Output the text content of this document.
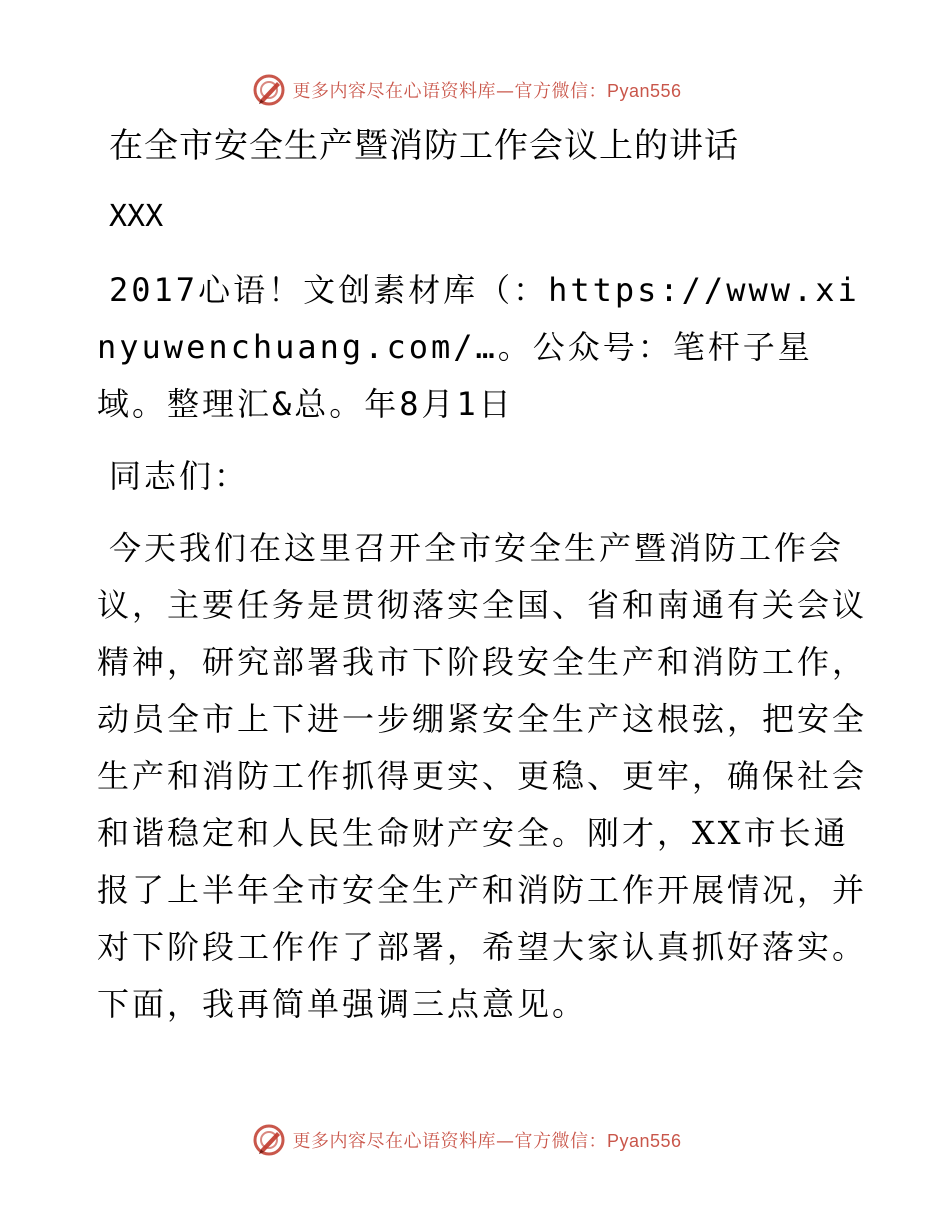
更多内容尽在心语资料库—官方微信：Pyan556
在全市安全生产暨消防工作会议上的讲话
XXX
2017心语！文创素材库（：https://www.xinyuwenchuang.com/…。公众号：笔杆子星域。整理汇&总。年8月1日
同志们：
今天我们在这里召开全市安全生产暨消防工作会议，主要任务是贯彻落实全国、省和南通有关会议精神，研究部署我市下阶段安全生产和消防工作，动员全市上下进一步绷紧安全生产这根弦，把安全生产和消防工作抓得更实、更稳、更牢，确保社会和谐稳定和人民生命财产安全。刚才，XX市长通报了上半年全市安全生产和消防工作开展情况，并对下阶段工作作了部署，希望大家认真抓好落实。下面，我再简单强调三点意见。
更多内容尽在心语资料库—官方微信：Pyan556
